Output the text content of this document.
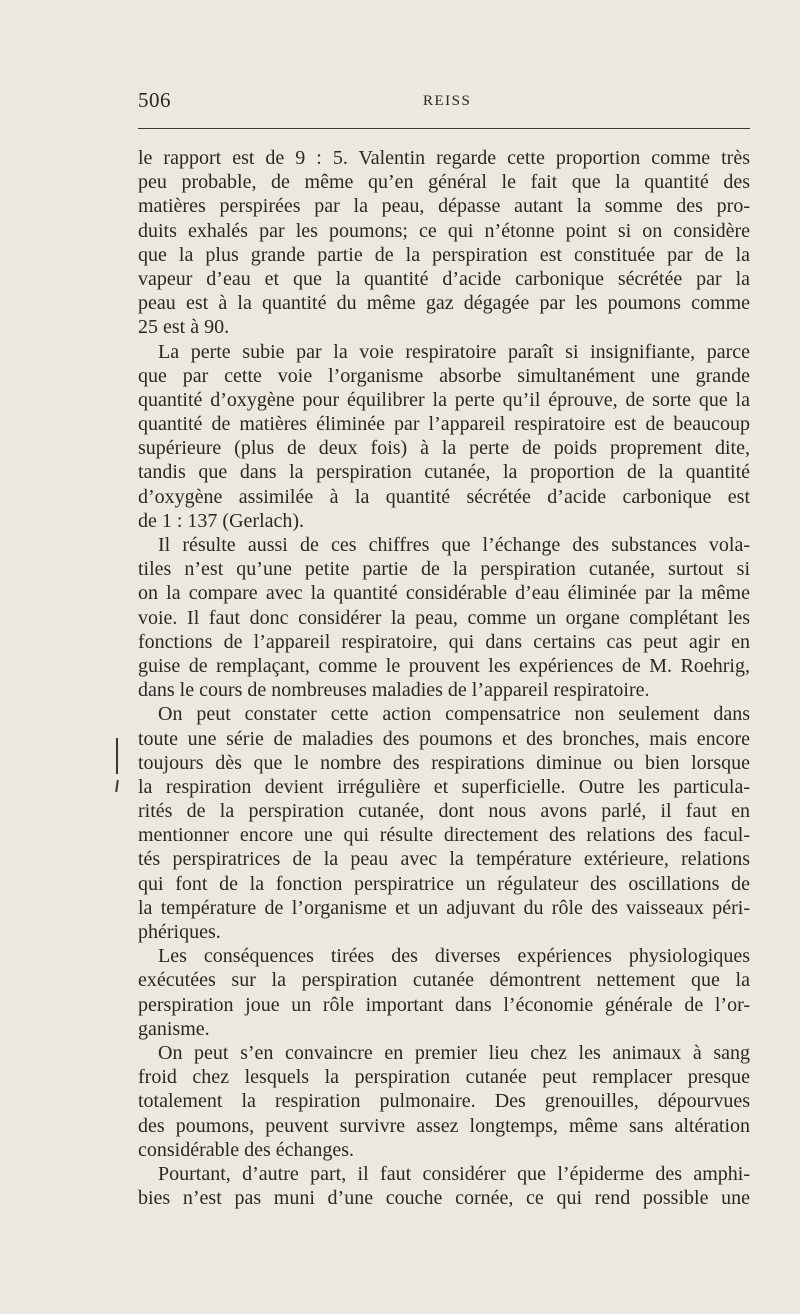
506	REISS
le rapport est de 9 : 5. Valentin regarde cette proportion comme très
peu probable, de même qu’en général le fait que la quantité des
matières perspirées par la peau, dépasse autant la somme des pro-
duits exhalés par les poumons; ce qui n’étonne point si on considère
que la plus grande partie de la perspiration est constituée par de la
vapeur d’eau et que la quantité d’acide carbonique sécrétée par la
peau est à la quantité du même gaz dégagée par les poumons comme
25 est à 90.
La perte subie par la voie respiratoire paraît si insignifiante, parce
que par cette voie l’organisme absorbe simultanément une grande
quantité d’oxygène pour équilibrer la perte qu’il éprouve, de sorte que la
quantité de matières éliminée par l’appareil respiratoire est de beaucoup
supérieure (plus de deux fois) à la perte de poids proprement dite,
tandis que dans la perspiration cutanée, la proportion de la quantité
d’oxygène assimilée à la quantité sécrétée d’acide carbonique est
de 1 : 137 (Gerlach).
Il résulte aussi de ces chiffres que l’échange des substances vola-
tiles n’est qu’une petite partie de la perspiration cutanée, surtout si
on la compare avec la quantité considérable d’eau éliminée par la même
voie. Il faut donc considérer la peau, comme un organe complétant les
fonctions de l’appareil respiratoire, qui dans certains cas peut agir en
guise de remplaçant, comme le prouvent les expériences de M. Roehrig,
dans le cours de nombreuses maladies de l’appareil respiratoire.
On peut constater cette action compensatrice non seulement dans
toute une série de maladies des poumons et des bronches, mais encore
toujours dès que le nombre des respirations diminue ou bien lorsque
la respiration devient irrégulière et superficielle. Outre les particula-
rités de la perspiration cutanée, dont nous avons parlé, il faut en
mentionner encore une qui résulte directement des relations des facul-
tés perspiratrices de la peau avec la température extérieure, relations
qui font de la fonction perspiratrice un régulateur des oscillations de
la température de l’organisme et un adjuvant du rôle des vaisseaux péri-
phériques.
Les conséquences tirées des diverses expériences physiologiques
exécutées sur la perspiration cutanée démontrent nettement que la
perspiration joue un rôle important dans l’économie générale de l’or-
ganisme.
On peut s’en convaincre en premier lieu chez les animaux à sang
froid chez lesquels la perspiration cutanée peut remplacer presque
totalement la respiration pulmonaire. Des grenouilles, dépourvues
des poumons, peuvent survivre assez longtemps, même sans altération
considérable des échanges.
Pourtant, d’autre part, il faut considérer que l’épiderme des amphi-
bies n’est pas muni d’une couche cornée, ce qui rend possible une
